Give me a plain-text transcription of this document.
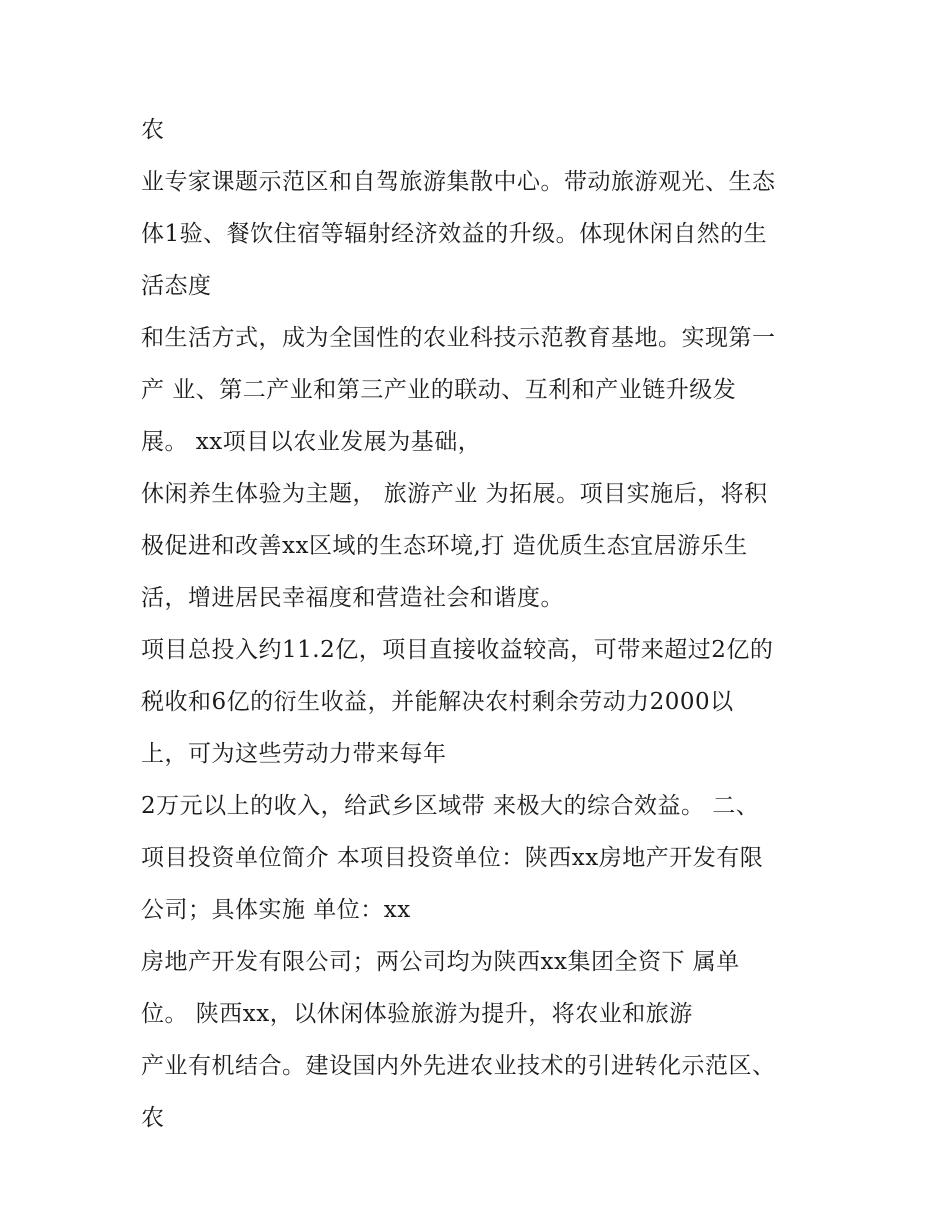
农
业专家课题示范区和自驾旅游集散中心。带动旅游观光、生态
体1验、餐饮住宿等辐射经济效益的升级。体现休闲自然的生
活态度
和生活方式，成为全国性的农业科技示范教育基地。实现第一
产 业、第二产业和第三产业的联动、互利和产业链升级发
展。 xx项目以农业发展为基础，
休闲养生体验为主题， 旅游产业 为拓展。项目实施后，将积
极促进和改善xx区域的生态环境,打 造优质生态宜居游乐生
活，增进居民幸福度和营造社会和谐度。
项目总投入约11.2亿，项目直接收益较高，可带来超过2亿的
税收和6亿的衍生收益，并能解决农村剩余劳动力2000以
上，可为这些劳动力带来每年
2万元以上的收入，给武乡区域带 来极大的综合效益。 二、
项目投资单位简介 本项目投资单位：陕西xx房地产开发有限
公司；具体实施 单位：xx
房地产开发有限公司；两公司均为陕西xx集团全资下 属单
位。 陕西xx，以休闲体验旅游为提升，将农业和旅游
产业有机结合。建设国内外先进农业技术的引进转化示范区、
农
